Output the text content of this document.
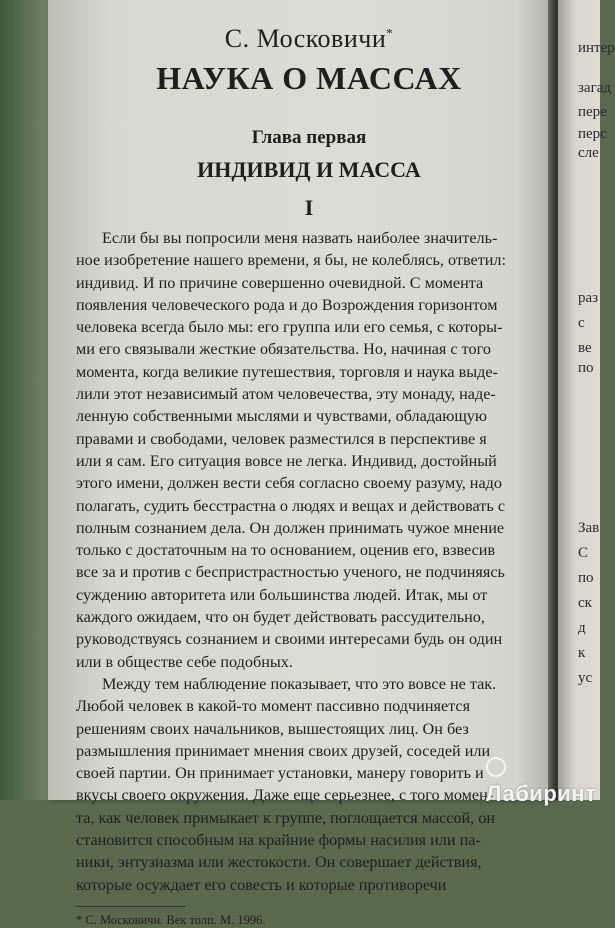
интер
загад
пере
перс
сле
раз
с
ве
по
Зав
С
по
ск
д
к
ус
С. Московичи*
НАУКА О МАССАХ
Глава первая
ИНДИВИД И МАССА
I
Если бы вы попросили меня назвать наиболее значитель-
ное изобретение нашего времени, я бы, не колеблясь, ответил:
индивид. И по причине совершенно очевидной. С момента
появления человеческого рода и до Возрождения горизонтом
человека всегда было мы: его группа или его семья, с которы-
ми его связывали жесткие обязательства. Но, начиная с того
момента, когда великие путешествия, торговля и наука выде-
лили этот независимый атом человечества, эту монаду, наде-
ленную собственными мыслями и чувствами, обладающую
правами и свободами, человек разместился в перспективе я
или я сам. Его ситуация вовсе не легка. Индивид, достойный
этого имени, должен вести себя согласно своему разуму, надо
полагать, судить бесстрастна о людях и вещах и действовать с
полным сознанием дела. Он должен принимать чужое мнение
только с достаточным на то основанием, оценив его, взвесив
все за и против с беспристрастностью ученого, не подчиняясь
суждению авторитета или большинства людей. Итак, мы от
каждого ожидаем, что он будет действовать рассудительно,
руководствуясь сознанием и своими интересами будь он один
или в обществе себе подобных.
Между тем наблюдение показывает, что это вовсе не так.
Любой человек в какой-то момент пассивно подчиняется
решениям своих начальников, вышестоящих лиц. Он без
размышления принимает мнения своих друзей, соседей или
своей партии. Он принимает установки, манеру говорить и
вкусы своего окружения. Даже еще серьезнее, с того момен-
та, как человек примыкает к группе, поглощается массой, он
становится способным на крайние формы насилия или па-
ники, энтузиазма или жестокости. Он совершает действия,
которые осуждает его совесть и которые противоречи
* С. Московичи. Век толп. М. 1996.
Лабиринт
